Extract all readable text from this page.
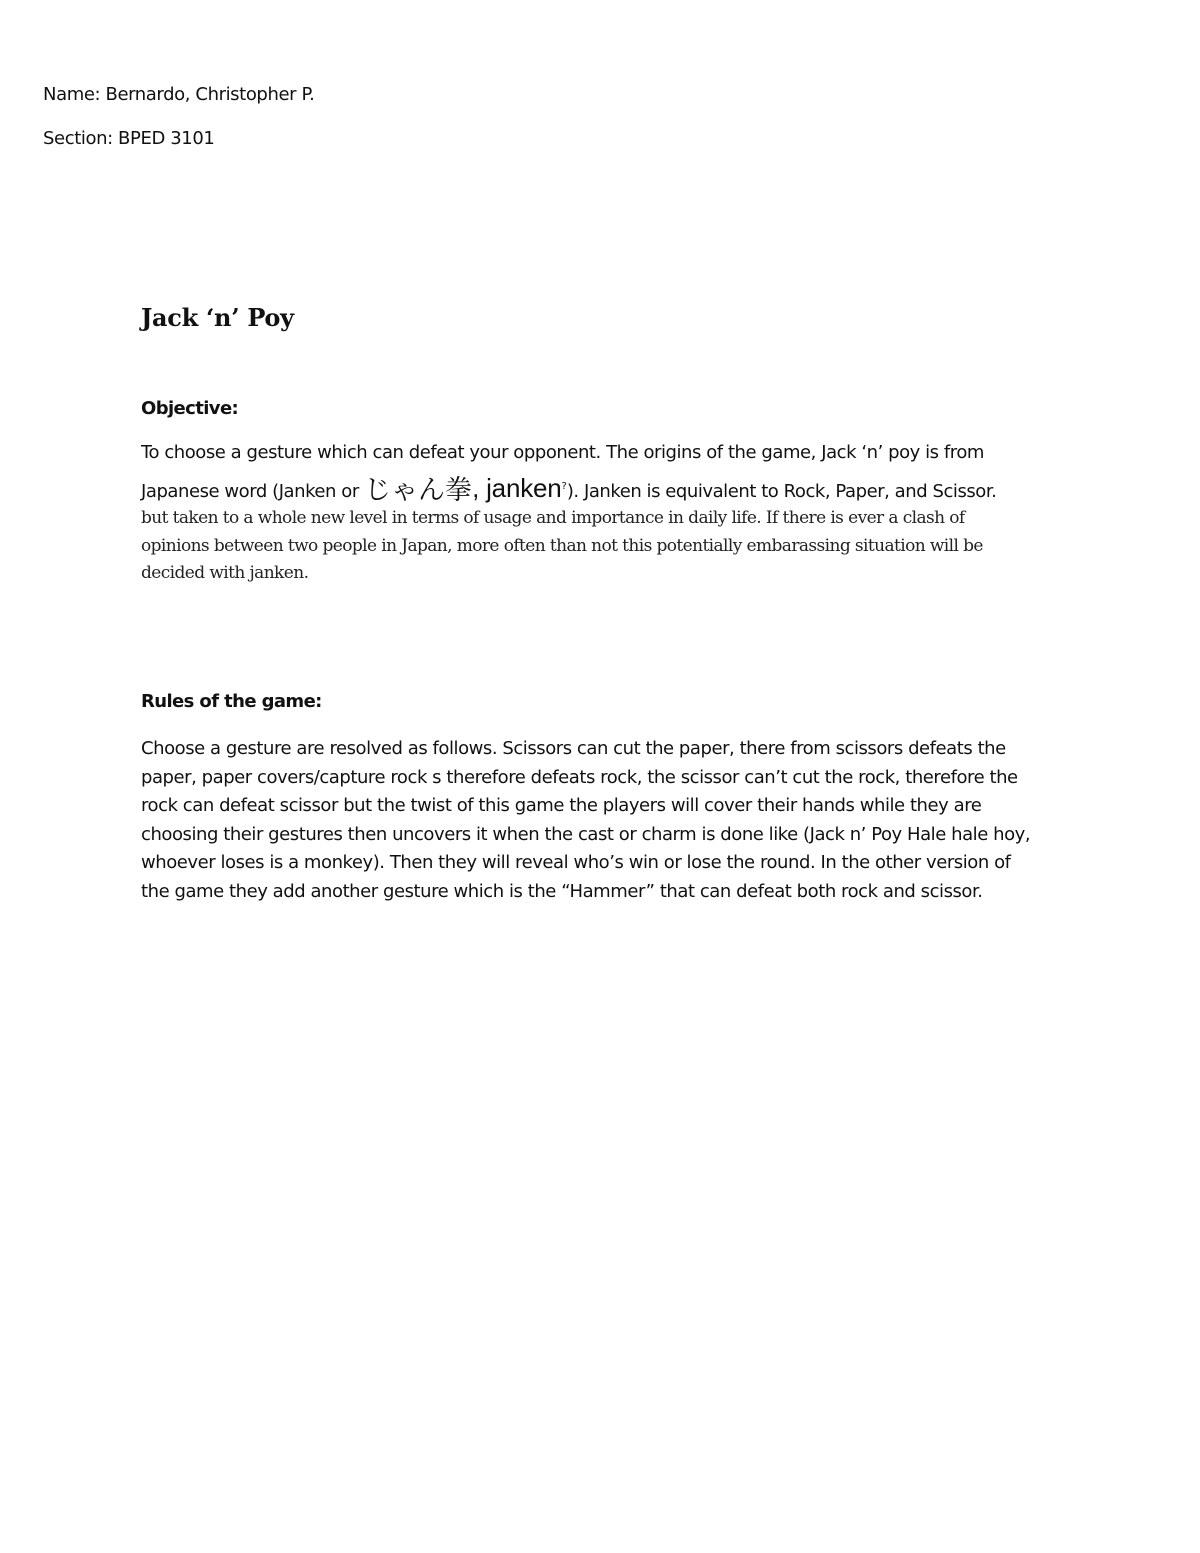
Name: Bernardo, Christopher P.
Section: BPED 3101
Jack ‘n’ Poy
Objective:
To choose a gesture which can defeat your opponent. The origins of the game, Jack ‘n’ poy is from
Japanese word (Janken or じゃん拳, janken?). Janken is equivalent to Rock, Paper, and Scissor.
but taken to a whole new level in terms of usage and importance in daily life. If there is ever a clash of
opinions between two people in Japan, more often than not this potentially embarassing situation will be
decided with janken.
Rules of the game:
Choose a gesture are resolved as follows. Scissors can cut the paper, there from scissors defeats the
paper, paper covers/capture rock s therefore defeats rock, the scissor can’t cut the rock, therefore the
rock can defeat scissor but the twist of this game the players will cover their hands while they are
choosing their gestures then uncovers it when the cast or charm is done like (Jack n’ Poy Hale hale hoy,
whoever loses is a monkey). Then they will reveal who’s win or lose the round. In the other version of
the game they add another gesture which is the “Hammer” that can defeat both rock and scissor.
